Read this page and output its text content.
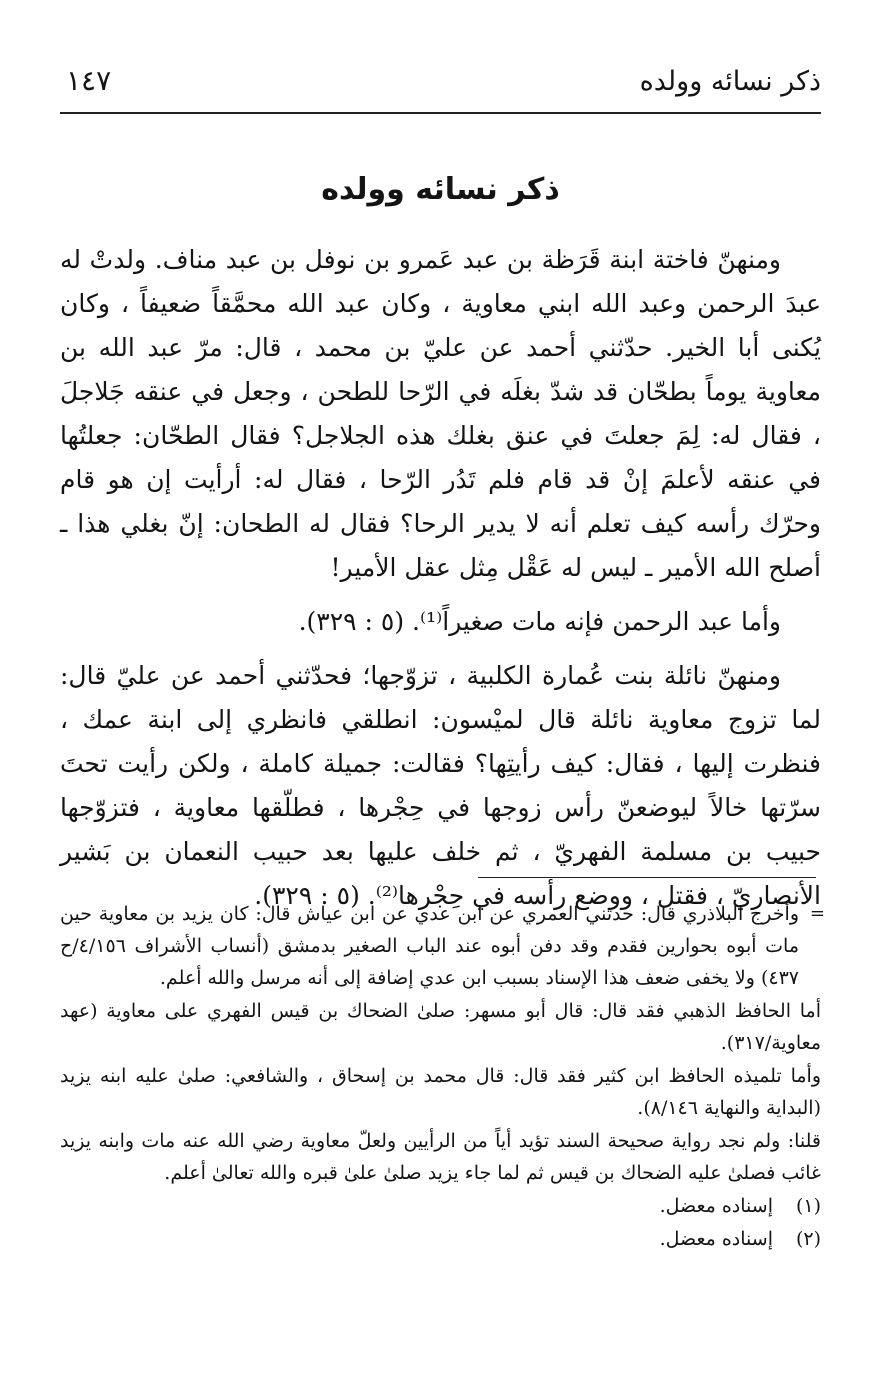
ذكر نسائه وولده
١٤٧
ذكر نسائه وولده

ومنهنّ فاختة ابنة قَرَظة بن عبد عَمرو بن نوفل بن عبد مناف. ولدتْ له عبدَ الرحمن وعبد الله ابني معاوية ، وكان عبد الله محمَّقاً ضعيفاً ، وكان يُكنى أبا الخير. حدّثني أحمد عن عليّ بن محمد ، قال: مرّ عبد الله بن معاوية يوماً بطحّان قد شدّ بغلَه في الرّحا للطحن ، وجعل في عنقه جَلاجلَ ، فقال له: لِمَ جعلتَ في عنق بغلك هذه الجلاجل؟ فقال الطحّان: جعلتُها في عنقه لأعلمَ إنْ قد قام فلم تَدُر الرّحا ، فقال له: أرأيت إن هو قام وحرّك رأسه كيف تعلم أنه لا يدير الرحا؟ فقال له الطحان: إنّ بغلي هذا ـ أصلح الله الأمير ـ ليس له عَقْل مِثل عقل الأمير!

وأما عبد الرحمن فإنه مات صغيراً⁽¹⁾. (٥ : ٣٢٩).

ومنهنّ نائلة بنت عُمارة الكلبية ، تزوّجها؛ فحدّثني أحمد عن عليّ قال: لما تزوج معاوية نائلة قال لميْسون: انطلقي فانظري إلى ابنة عمك ، فنظرت إليها ، فقال: كيف رأيتِها؟ فقالت: جميلة كاملة ، ولكن رأيت تحتَ سرّتها خالاً ليوضعنّ رأس زوجها في حِجْرها ، فطلّقها معاوية ، فتزوّجها حبيب بن مسلمة الفهريّ ، ثم خلف عليها بعد حبيب النعمان بن بَشير الأنصاريّ ، فقتل ، ووضع رأسه في حِجْرها⁽²⁾. (٥ : ٣٢٩).

=
وأخرج البلاذري قال: حدثني العمري عن ابن عدي عن ابن عياش قال: كان يزيد بن معاوية حين مات أبوه بحوارين فقدم وقد دفن أبوه عند الباب الصغير بدمشق (أنساب الأشراف ٤/١٥٦/ح ٤٣٧) ولا يخفى ضعف هذا الإسناد بسبب ابن عدي إضافة إلى أنه مرسل والله أعلم.

أما الحافظ الذهبي فقد قال: قال أبو مسهر: صلىٰ الضحاك بن قيس الفهري على معاوية (عهد معاوية/٣١٧).

وأما تلميذه الحافظ ابن كثير فقد قال: قال محمد بن إسحاق ، والشافعي: صلىٰ عليه ابنه يزيد (البداية والنهاية ٨/١٤٦).

قلنا: ولم نجد رواية صحيحة السند تؤيد أياً من الرأيين ولعلّ معاوية رضي الله عنه مات وابنه يزيد غائب فصلىٰ عليه الضحاك بن قيس ثم لما جاء يزيد صلىٰ علىٰ قبره والله تعالىٰ أعلم.

(١)إسناده معضل.

(٢)إسناده معضل.
